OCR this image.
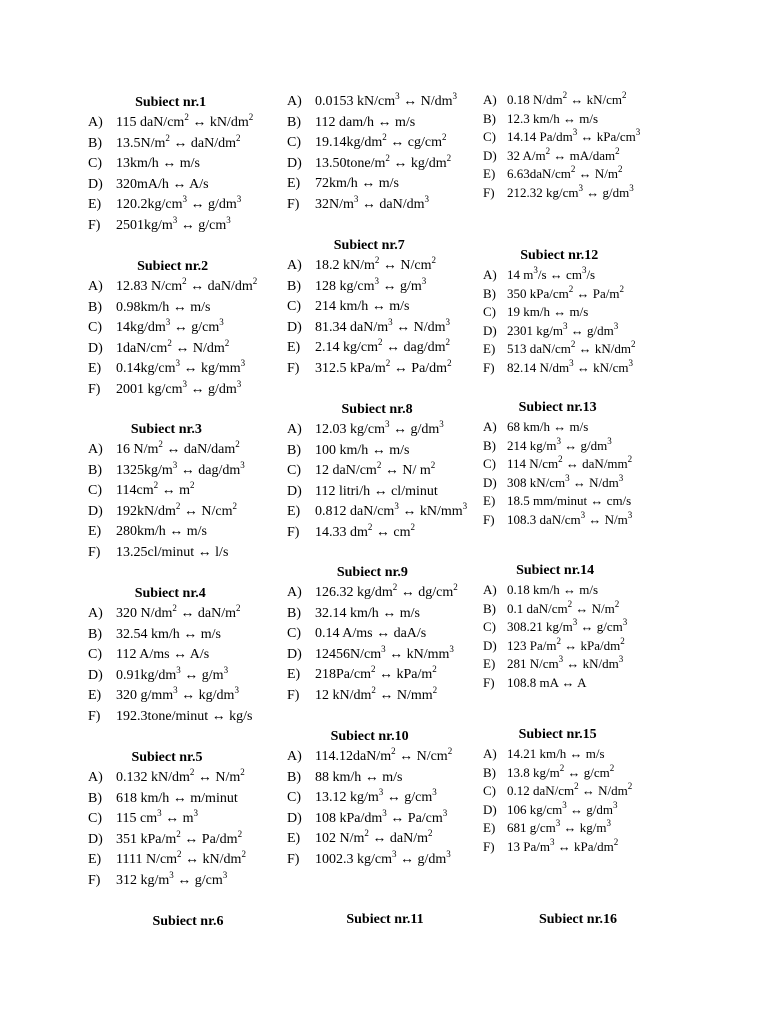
Subiect nr.1
A) 115 daN/$cm^2$ ↔ $kN/dm^2$
B)	$13.5N/m^2$ ↔ daN/$dm^2$
C)	13km/h ↔ m/s
D) 320mA/h ↔ A/s
E)	$120.2kg/cm^3$ ↔ $g/dm^3$
F)	$2501kg/m^3$ ↔ $g/cm^3$
Subiect nr.2
A) 12.83 $N/cm^2$ ↔ daN/$dm^2$
B)	0.98km/h ↔ m/s
C)	$14kg/dm^3$ ↔ $g/cm^3$
D) $1daN/cm^2$ ↔ $N/dm^2$
E)	$0.14kg/cm^3$ ↔ $kg/mm^3$
F)	2001 $kg/cm^3$ ↔ $g/dm^3$
Subiect nr.3
A) 16 $N/m^2$ ↔ daN/dam$^2$
B)	$1325kg/m^3$ ↔ dag/$dm^3$
C)	$114cm^2$ ↔ $m^2$
D) $192kN/dm^2$ ↔ $N/cm^2$
E)	280km/h ↔ m/s
F)	13.25cl/minut ↔ l/s
Subiect nr.4
A) 320 $N/dm^2$ ↔ daN/$m^2$
B)	32.54 km/h ↔ m/s
C)	112 A/ms ↔ A/s
D) $0.91kg/dm^3$ ↔ $g/m^3$
E)	320 $g/mm^3$ ↔ $kg/dm^3$
F)	192.3tone/minut ↔ kg/s
Subiect nr.5
A) 0.132 $kN/dm^2$ ↔ $N/m^2$
B)	618 km/h ↔ m/minut
C)	115 $cm^3$ ↔ $m^3$
D) 351 kPa/$m^2$ ↔ $Pa/dm^2$
E)	1111 $N/cm^2$ ↔ $kN/dm^2$
F)	312 $kg/m^3$ ↔ $g/cm^3$
Subiect nr.6
A) 0.0153 $kN/cm^3$ ↔ $N/dm^3$
B)	112 dam/h ↔ m/s
C)	$19.14kg/dm^2$ ↔ $cg/cm^2$
D) $13.50tone/m^2$ ↔ $kg/dm^2$
E)	72km/h ↔ m/s
F)	$32N/m^3$ ↔ daN/$dm^3$
Subiect nr.7
A) 18.2 $kN/m^2$ ↔ $N/cm^2$
B)	128 $kg/cm^3$ ↔ $g/m^3$
C)	214 km/h ↔ m/s
D) 81.34 daN/$m^3$ ↔ $N/dm^3$
E)	2.14 $kg/cm^2$ ↔ dag/$dm^2$
F)	312.5 kPa/$m^2$ ↔ $Pa/dm^2$
Subiect nr.8
A) 12.03 $kg/cm^3$ ↔ $g/dm^3$
B)	100 km/h ↔ m/s
C)	12 daN/$cm^2$ ↔ N/ $m^2$
D) 112 litri/h ↔ cl/minut
E)	0.812 daN/$cm^3$ ↔ $kN/mm^3$
F)	14.33 $dm^2$ ↔ $cm^2$
Subiect nr.9
A) 126.32 $kg/dm^2$ ↔ $dg/cm^2$
B)	32.14 km/h ↔ m/s
C)	0.14 A/ms ↔ daA/s
D) $12456N/cm^3$ ↔ $kN/mm^3$
E)	$218Pa/cm^2$ ↔ kPa/$m^2$
F)	12 $kN/dm^2$ ↔ $N/mm^2$
Subiect nr.10
A) $114.12daN/m^2$ ↔ $N/cm^2$
B)	88 km/h ↔ m/s
C)	13.12 $kg/m^3$ ↔ $g/cm^3$
D) 108 kPa/$dm^3$ ↔ $Pa/cm^3$
E)	102 $N/m^2$ ↔ daN/$m^2$
F)	1002.3 $kg/cm^3$ ↔ $g/dm^3$
Subiect nr.11
A) 0.18 $N/dm^2$ ↔ $kN/cm^2$
B) 12.3 km/h ↔ m/s
C) 14.14 $Pa/dm^3$ ↔ kPa/$cm^3$
D) 32 $A/m^2$ ↔ mA/dam$^2$
E) $6.63daN/cm^2$ ↔ $N/m^2$
F) 212.32 $kg/cm^3$ ↔ $g/dm^3$
Subiect nr.12
A) 14 $m^3/s$ ↔ $cm^3/s$
B) 350 kPa/$cm^2$ ↔ $Pa/m^2$
C) 19 km/h ↔ m/s
D) 2301 $kg/m^3$ ↔ $g/dm^3$
E) 513 daN/$cm^2$ ↔ $kN/dm^2$
F) 82.14 $N/dm^3$ ↔ $kN/cm^3$
Subiect nr.13
A) 68 km/h ↔ m/s
B) 214 $kg/m^3$ ↔ $g/dm^3$
C) 114 $N/cm^2$ ↔ daN/$mm^2$
D) 308 $kN/cm^3$ ↔ $N/dm^3$
E) 18.5 mm/minut ↔ cm/s
F) 108.3 daN/$cm^3$ ↔ $N/m^3$
Subiect nr.14
A) 0.18 km/h ↔ m/s
B) 0.1 daN/$cm^2$ ↔ $N/m^2$
C) 308.21 $kg/m^3$ ↔ $g/cm^3$
D) 123 $Pa/m^2$ ↔ kPa/$dm^2$
E) 281 $N/cm^3$ ↔ $kN/dm^3$
F) 108.8 mA ↔ A
Subiect nr.15
A) 14.21 km/h ↔ m/s
B) 13.8 $kg/m^2$ ↔ $g/cm^2$
C) 0.12 daN/$cm^2$ ↔ $N/dm^2$
D) 106 $kg/cm^3$ ↔ $g/dm^3$
E) 681 $g/cm^3$ ↔ $kg/m^3$
F) 13 $Pa/m^3$ ↔ kPa/$dm^2$
Subiect nr.16
